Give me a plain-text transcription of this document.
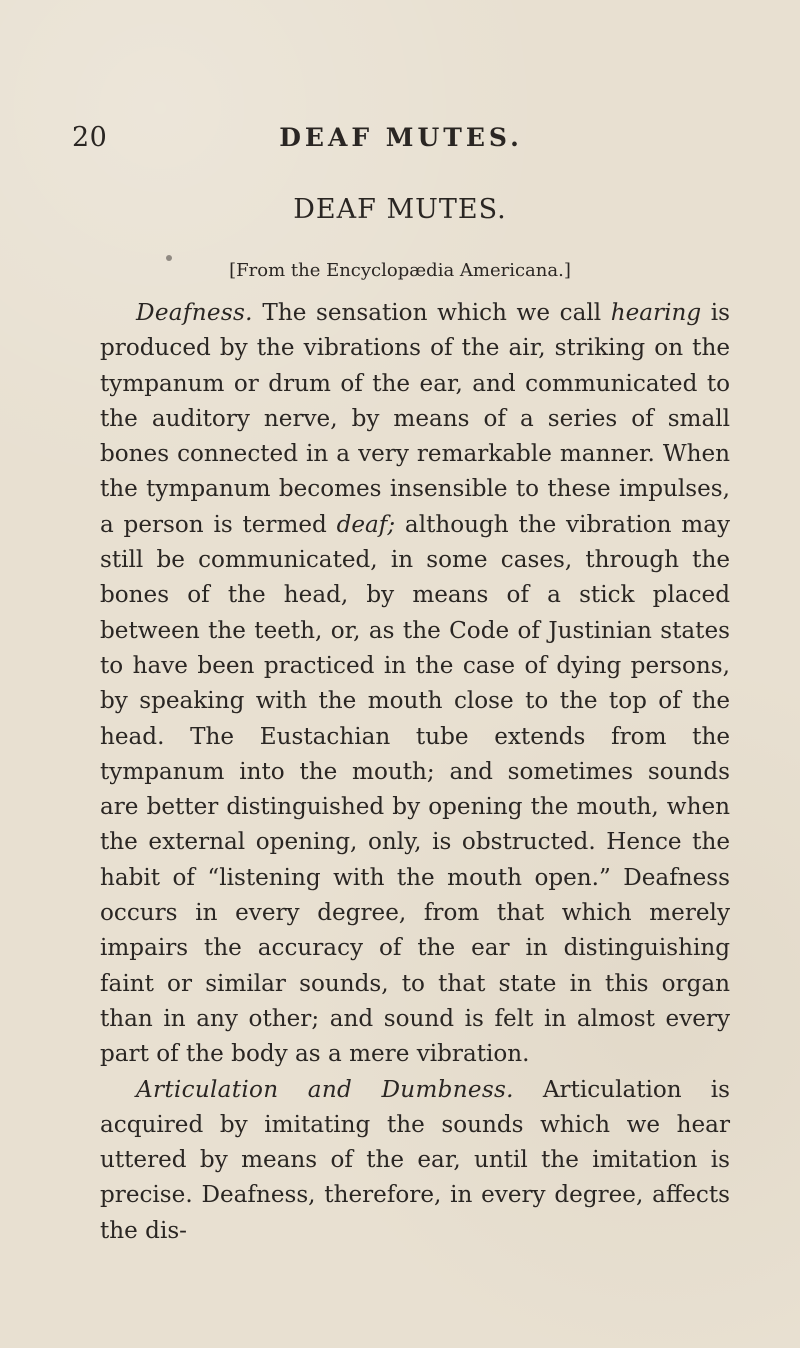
20	DEAF MUTES.
DEAF MUTES.
[From the Encyclopædia Americana.]

Deafness. The sensation which we call hearing is produced by the vibrations of the air, striking on the tympanum or drum of the ear, and communicated to the auditory nerve, by means of a series of small bones connected in a very remarkable manner. When the tympanum becomes insensible to these impulses, a person is termed deaf; although the vibration may still be communicated, in some cases, through the bones of the head, by means of a stick placed between the teeth, or, as the Code of Justinian states to have been practiced in the case of dying persons, by speaking with the mouth close to the top of the head. The Eustachian tube extends from the tympanum into the mouth; and sometimes sounds are better distinguished by opening the mouth, when the external opening, only, is obstructed. Hence the habit of “listening with the mouth open.” Deafness occurs in every degree, from that which merely impairs the accuracy of the ear in distinguishing faint or similar sounds, to that state in this organ than in any other; and sound is felt in almost every part of the body as a mere vibration.

Articulation and Dumbness. Articulation is acquired by imitating the sounds which we hear uttered by means of the ear, until the imitation is precise. Deafness, therefore, in every degree, affects the dis-
